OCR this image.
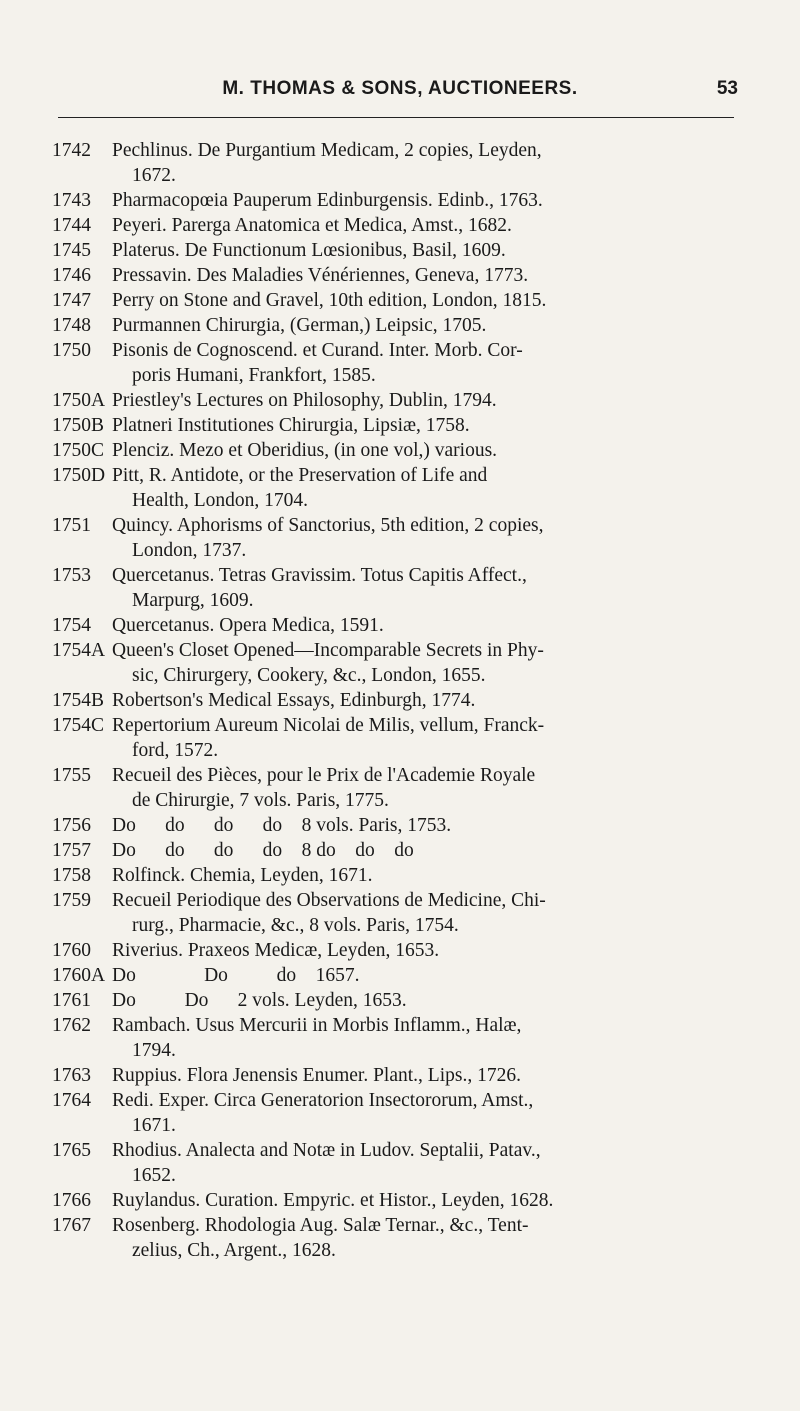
M. THOMAS & SONS, AUCTIONEERS.	53
1742	Pechlinus. De Purgantium Medicam, 2 copies, Leyden,
1672.
1743	Pharmacopœia Pauperum Edinburgensis. Edinb., 1763.
1744	Peyeri. Parerga Anatomica et Medica, Amst., 1682.
1745	Platerus. De Functionum Lœsionibus, Basil, 1609.
1746	Pressavin. Des Maladies Vénériennes, Geneva, 1773.
1747	Perry on Stone and Gravel, 10th edition, London, 1815.
1748	Purmannen Chirurgia, (German,) Leipsic, 1705.
1750	Pisonis de Cognoscend. et Curand. Inter. Morb. Cor-
poris Humani, Frankfort, 1585.
1750A Priestley's Lectures on Philosophy, Dublin, 1794.
1750B Platneri Institutiones Chirurgia, Lipsiæ, 1758.
1750C Plenciz. Mezo et Oberidius, (in one vol,) various.
1750D Pitt, R. Antidote, or the Preservation of Life and
Health, London, 1704.
1751	Quincy. Aphorisms of Sanctorius, 5th edition, 2 copies,
London, 1737.
1753	Quercetanus. Tetras Gravissim. Totus Capitis Affect.,
Marpurg, 1609.
1754	Quercetanus. Opera Medica, 1591.
1754A Queen's Closet Opened—Incomparable Secrets in Phy-
sic, Chirurgery, Cookery, &c., London, 1655.
1754B Robertson's Medical Essays, Edinburgh, 1774.
1754C Repertorium Aureum Nicolai de Milis, vellum, Franck-
ford, 1572.
1755	Recueil des Pièces, pour le Prix de l'Academie Royale
de Chirurgie, 7 vols. Paris, 1775.
1756	Do      do      do      do    8 vols. Paris, 1753.
1757	Do      do      do      do    8 do    do    do
1758	Rolfinck. Chemia, Leyden, 1671.
1759	Recueil Periodique des Observations de Medicine, Chi-
rurg., Pharmacie, &c., 8 vols. Paris, 1754.
1760	Riverius. Praxeos Medicæ, Leyden, 1653.
1760A Do              Do          do    1657.
1761	Do          Do      2 vols. Leyden, 1653.
1762	Rambach. Usus Mercurii in Morbis Inflamm., Halæ,
1794.
1763	Ruppius. Flora Jenensis Enumer. Plant., Lips., 1726.
1764	Redi. Exper. Circa Generatorion Insectororum, Amst.,
1671.
1765	Rhodius. Analecta and Notæ in Ludov. Septalii, Patav.,
1652.
1766	Ruylandus. Curation. Empyric. et Histor., Leyden, 1628.
1767	Rosenberg. Rhodologia Aug. Salæ Ternar., &c., Tent-
zelius, Ch., Argent., 1628.
